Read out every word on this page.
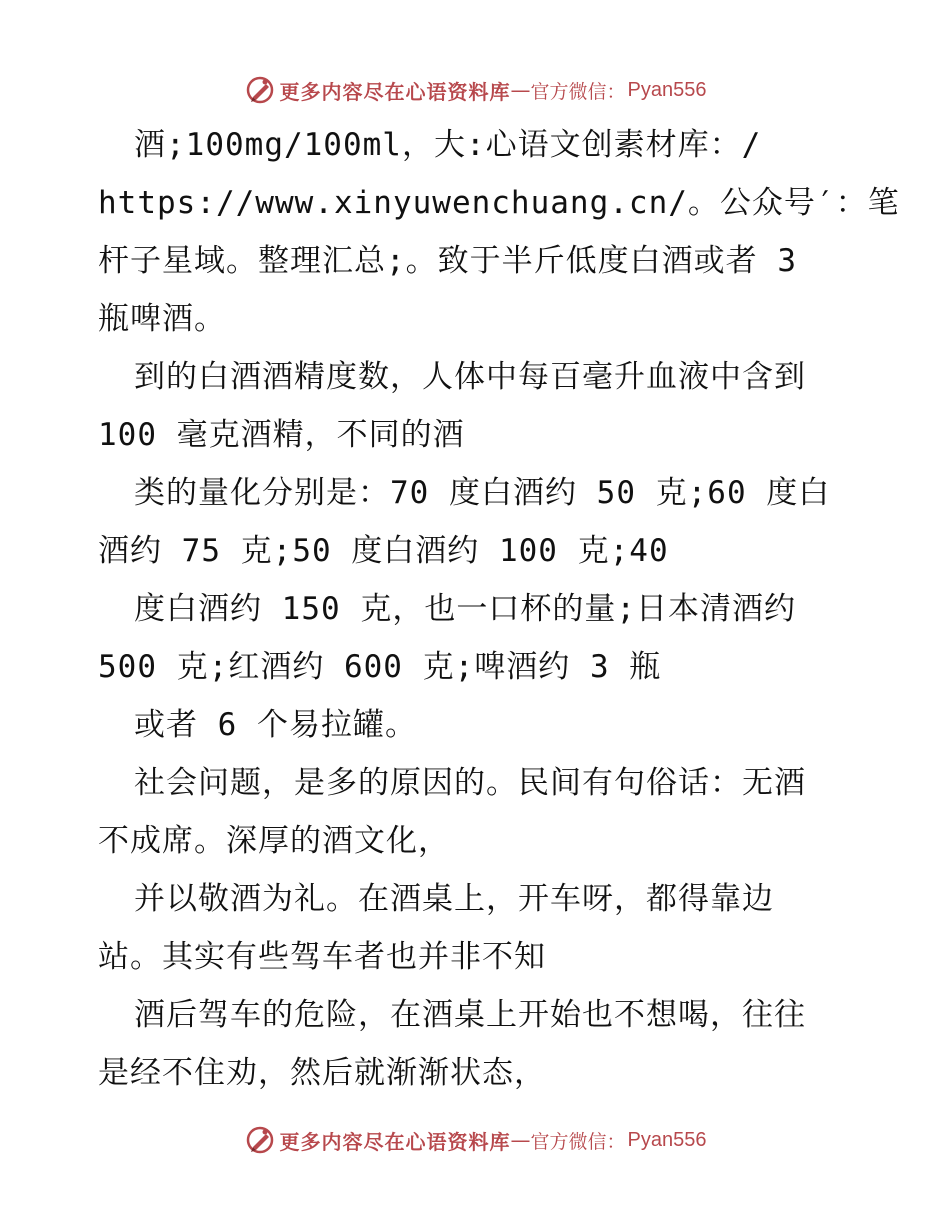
更多内容尽在心语资料库 — 官方微信： Pyan556
酒;100mg/100ml，大:心语文创素材库：/
https://www.xinyuwenchuang.cn/。公众号′：笔
杆子星域。整理汇总;。致于半斤低度白酒或者 3
瓶啤酒。
到的白酒酒精度数，人体中每百毫升血液中含到
100 毫克酒精，不同的酒
类的量化分别是：70 度白酒约 50 克;60 度白
酒约 75 克;50 度白酒约 100 克;40
度白酒约 150 克，也一口杯的量;日本清酒约
500 克;红酒约 600 克;啤酒约 3 瓶
或者 6 个易拉罐。
社会问题，是多的原因的。民间有句俗话：无酒
不成席。深厚的酒文化，
并以敬酒为礼。在酒桌上，开车呀，都得靠边
站。其实有些驾车者也并非不知
酒后驾车的危险，在酒桌上开始也不想喝，往往
是经不住劝，然后就渐渐状态，
更多内容尽在心语资料库 — 官方微信： Pyan556
